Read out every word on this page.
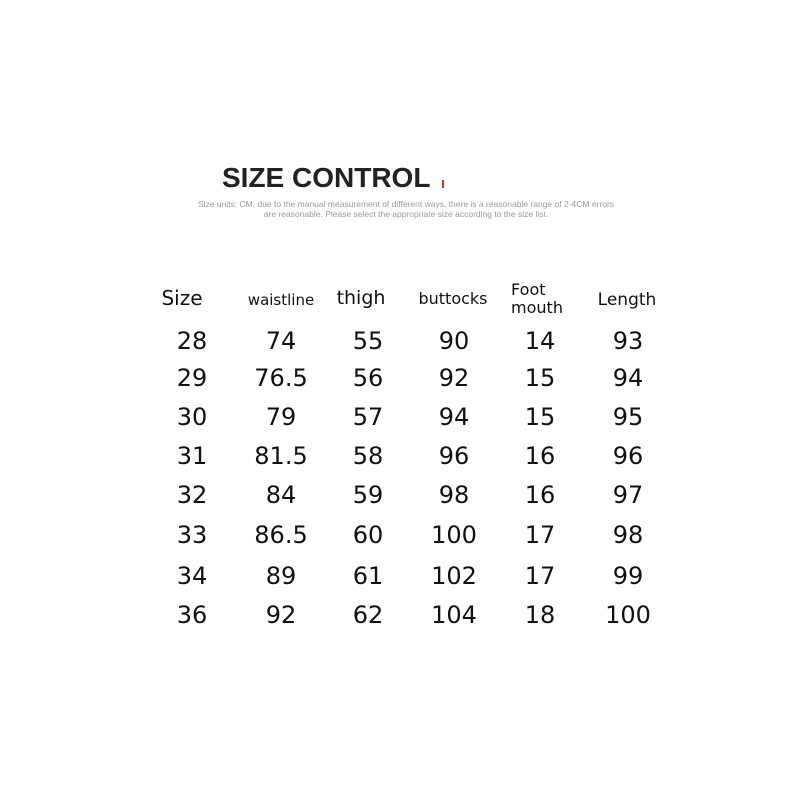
SIZE CONTROL
Size units: CM, due to the manual measurement of different ways, there is a reasonable range of 2-4CM errors
are reasonable. Please select the appropriate size according to the size list.
Size	waistline thigh buttocks Foot
mouth Length
28 74 55 90 14 93
29 76.5 56 92 15 94
30 79 57 94 15 95
31 81.5 58 96 16 96
32 84 59 98 16 97
33 86.5 60 100 17 98
34 89 61 102 17 99
36 92 62 104 18 100
